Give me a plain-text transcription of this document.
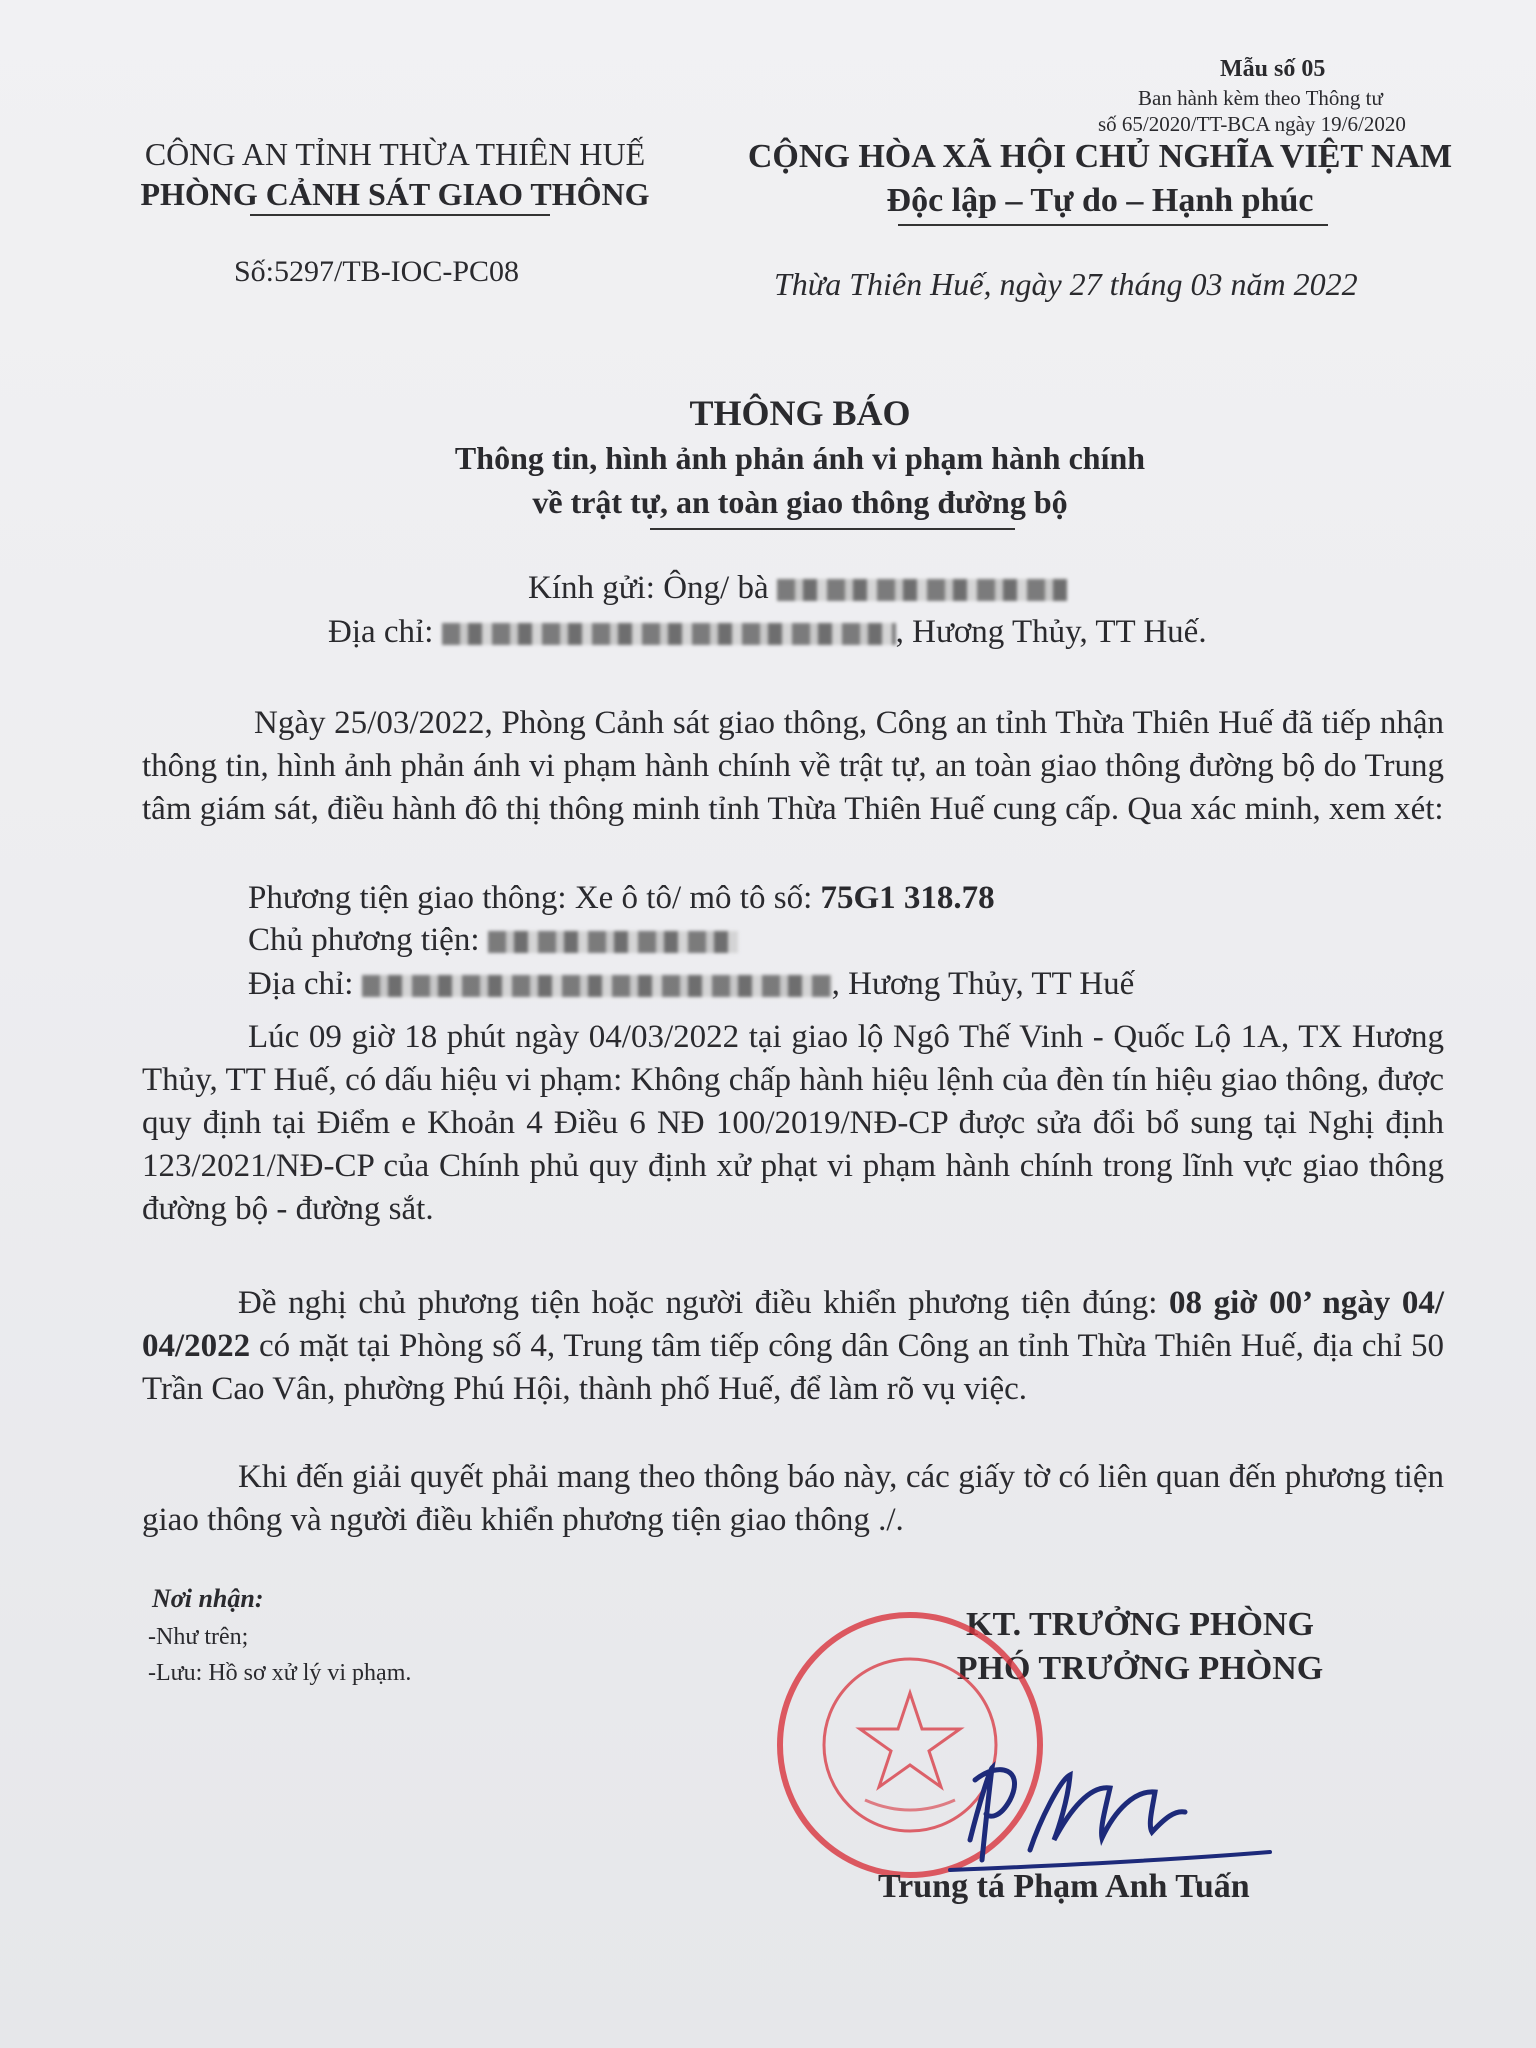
Mẫu số 05
Ban hành kèm theo Thông tư
số 65/2020/TT-BCA ngày 19/6/2020
CÔNG AN TỈNH THỪA THIÊN HUẾ
PHÒNG CẢNH SÁT GIAO THÔNG
Số:5297/TB-IOC-PC08
CỘNG HÒA XÃ HỘI CHỦ NGHĨA VIỆT NAM
Độc lập – Tự do – Hạnh phúc
Thừa Thiên Huế, ngày 27 tháng 03 năm 2022
THÔNG BÁO
Thông tin, hình ảnh phản ánh vi phạm hành chính
về trật tự, an toàn giao thông đường bộ
Kính gửi: Ông/ bà
Địa chỉ:	, Hương Thủy, TT Huế.
Ngày 25/03/2022, Phòng Cảnh sát giao thông, Công an tỉnh Thừa Thiên Huế đã tiếp nhận thông tin, hình ảnh phản ánh vi phạm hành chính về trật tự, an toàn giao thông đường bộ do Trung tâm giám sát, điều hành đô thị thông minh tỉnh Thừa Thiên Huế cung cấp. Qua xác minh, xem xét:
Phương tiện giao thông: Xe ô tô/ mô tô số: 75G1 318.78
Chủ phương tiện:
Địa chỉ:	, Hương Thủy, TT Huế
Lúc 09 giờ 18 phút ngày 04/03/2022 tại giao lộ Ngô Thế Vinh - Quốc Lộ 1A, TX Hương Thủy, TT Huế, có dấu hiệu vi phạm: Không chấp hành hiệu lệnh của đèn tín hiệu giao thông, được quy định tại Điểm e Khoản 4 Điều 6 NĐ 100/2019/NĐ-CP được sửa đổi bổ sung tại Nghị định 123/2021/NĐ-CP của Chính phủ quy định xử phạt vi phạm hành chính trong lĩnh vực giao thông đường bộ - đường sắt.
Đề nghị chủ phương tiện hoặc người điều khiển phương tiện đúng: 08 giờ 00’ ngày 04/ 04/2022 có mặt tại Phòng số 4, Trung tâm tiếp công dân Công an tỉnh Thừa Thiên Huế, địa chỉ 50 Trần Cao Vân, phường Phú Hội, thành phố Huế, để làm rõ vụ việc.
Khi đến giải quyết phải mang theo thông báo này, các giấy tờ có liên quan đến phương tiện giao thông và người điều khiển phương tiện giao thông ./.
Nơi nhận:
-Như trên;
-Lưu: Hồ sơ xử lý vi phạm.
KT. TRƯỞNG PHÒNG
PHÓ TRƯỞNG PHÒNG
Trung tá Phạm Anh Tuấn
